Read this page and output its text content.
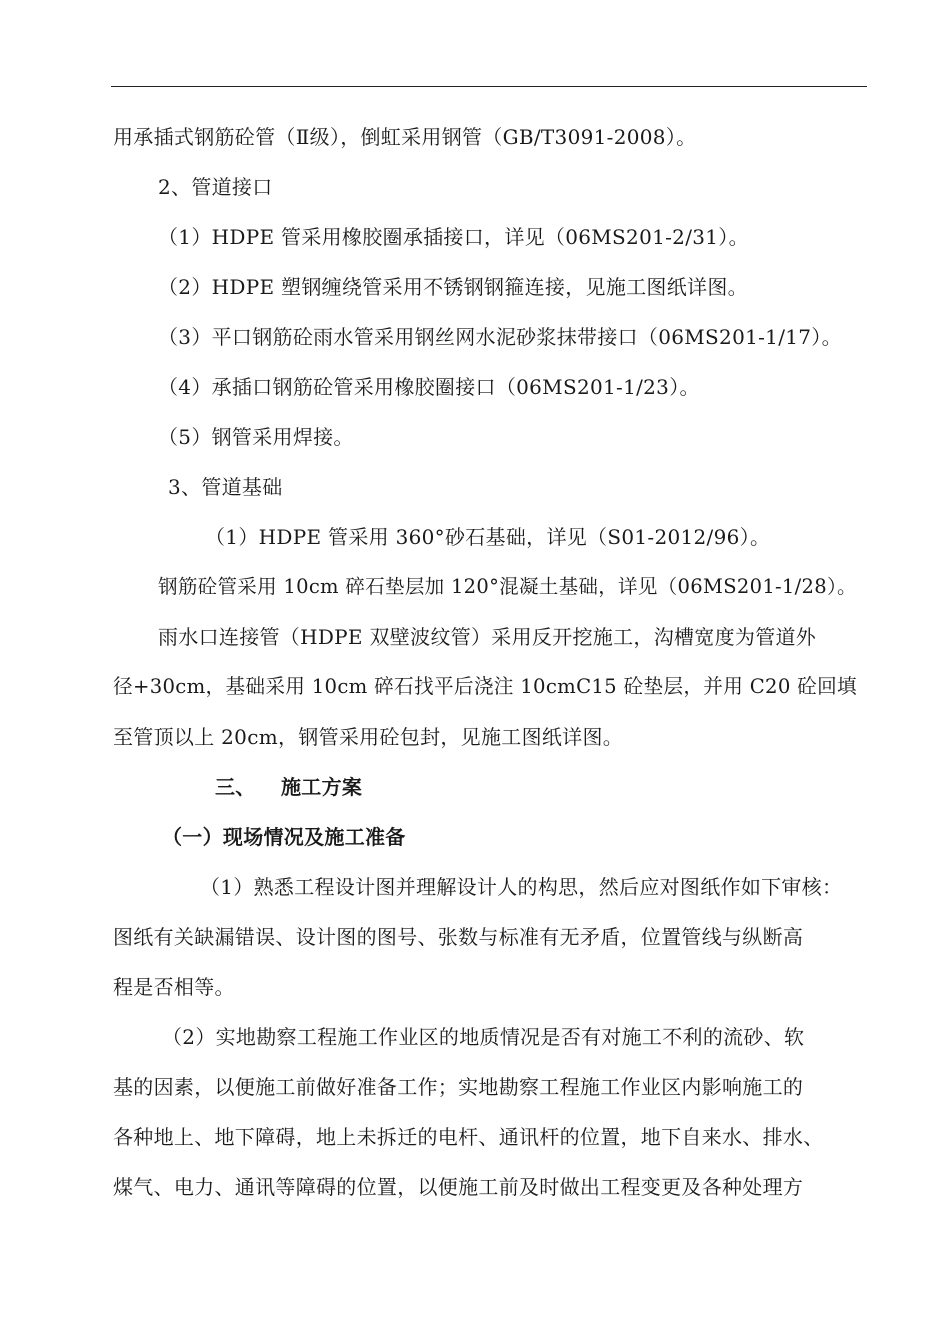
用承插式钢筋砼管（Ⅱ级），倒虹采用钢管（GB/T3091-2008）。
2、管道接口
（1）HDPE 管采用橡胶圈承插接口，详见（06MS201-2/31）。
（2）HDPE 塑钢缠绕管采用不锈钢钢箍连接，见施工图纸详图。
（3）平口钢筋砼雨水管采用钢丝网水泥砂浆抹带接口（06MS201-1/17）。
（4）承插口钢筋砼管采用橡胶圈接口（06MS201-1/23）。
（5）钢管采用焊接。
3、管道基础
（1）HDPE 管采用 360°砂石基础，详见（S01-2012/96）。
钢筋砼管采用 10cm 碎石垫层加 120°混凝土基础，详见（06MS201-1/28）。
雨水口连接管（HDPE 双壁波纹管）采用反开挖施工，沟槽宽度为管道外
径+30cm，基础采用 10cm 碎石找平后浇注 10cmC15 砼垫层，并用 C20 砼回填
至管顶以上 20cm，钢管采用砼包封，见施工图纸详图。
三、 施工方案
（一）现场情况及施工准备
（1）熟悉工程设计图并理解设计人的构思，然后应对图纸作如下审核：
图纸有关缺漏错误、设计图的图号、张数与标准有无矛盾，位置管线与纵断高
程是否相等。
（2）实地勘察工程施工作业区的地质情况是否有对施工不利的流砂、软
基的因素，以便施工前做好准备工作；实地勘察工程施工作业区内影响施工的
各种地上、地下障碍，地上未拆迁的电杆、通讯杆的位置，地下自来水、排水、
煤气、电力、通讯等障碍的位置，以便施工前及时做出工程变更及各种处理方
